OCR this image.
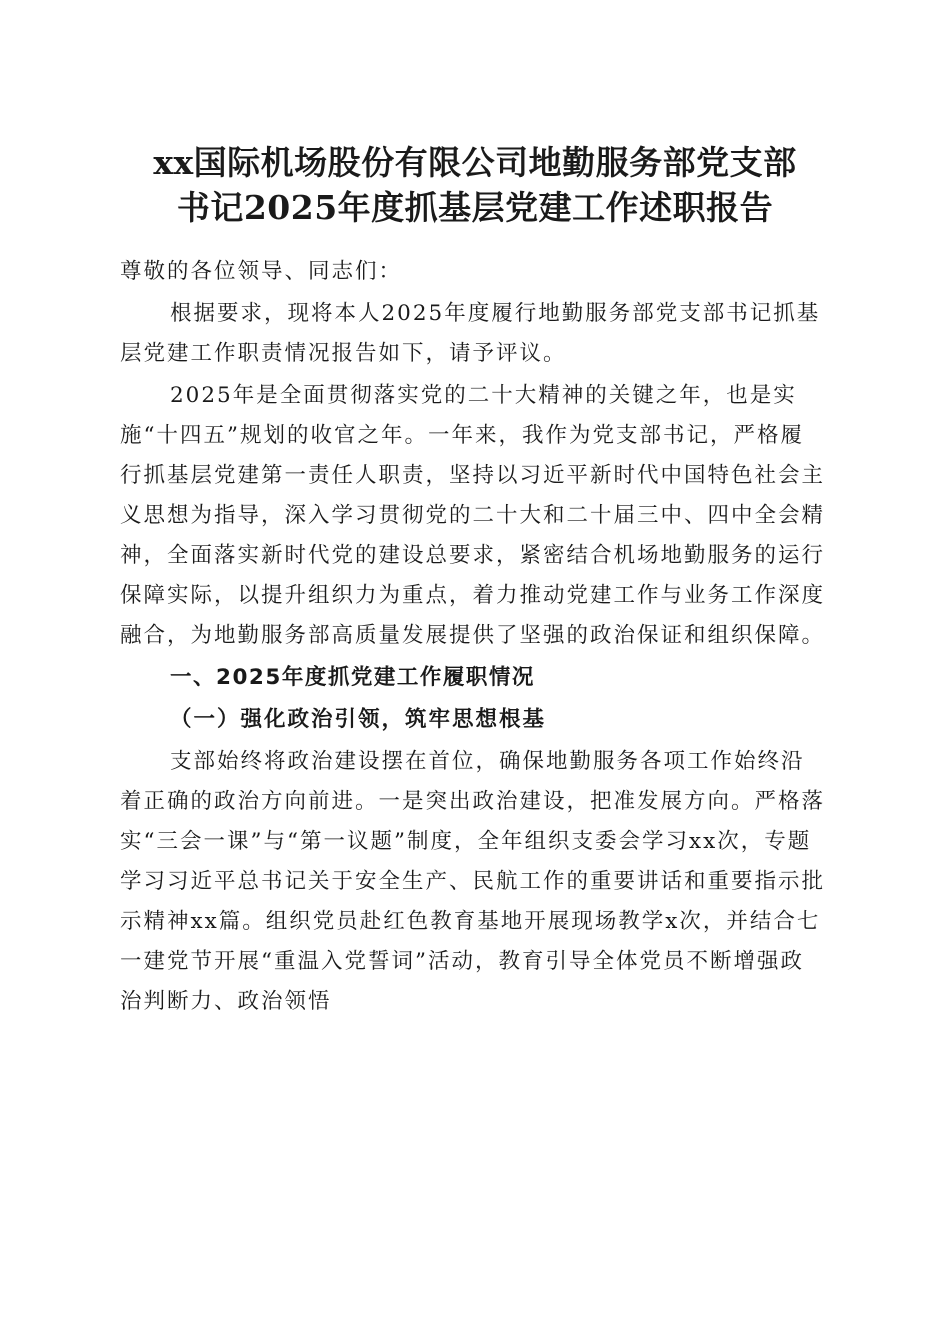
xx国际机场股份有限公司地勤服务部党支部
书记2025年度抓基层党建工作述职报告

尊敬的各位领导、同志们：

根据要求，现将本人2025年度履行地勤服务部党支部书记抓基层党建工作职责情况报告如下，请予评议。

2025年是全面贯彻落实党的二十大精神的关键之年，也是实施“十四五”规划的收官之年。一年来，我作为党支部书记，严格履行抓基层党建第一责任人职责，坚持以习近平新时代中国特色社会主义思想为指导，深入学习贯彻党的二十大和二十届三中、四中全会精神，全面落实新时代党的建设总要求，紧密结合机场地勤服务的运行保障实际，以提升组织力为重点，着力推动党建工作与业务工作深度融合，为地勤服务部高质量发展提供了坚强的政治保证和组织保障。

一、2025年度抓党建工作履职情况

（一）强化政治引领，筑牢思想根基

支部始终将政治建设摆在首位，确保地勤服务各项工作始终沿着正确的政治方向前进。一是突出政治建设，把准发展方向。严格落实“三会一课”与“第一议题”制度，全年组织支委会学习xx次，专题学习习近平总书记关于安全生产、民航工作的重要讲话和重要指示批示精神xx篇。组织党员赴红色教育基地开展现场教学x次，并结合七一建党节开展“重温入党誓词”活动，教育引导全体党员不断增强政治判断力、政治领悟
